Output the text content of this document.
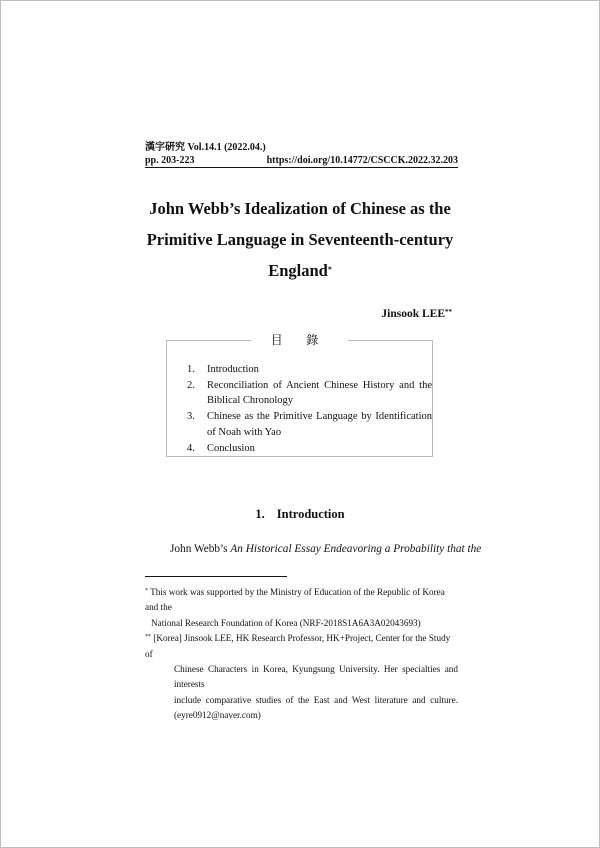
漢字硏究 Vol.14.1 (2022.04.)
pp. 203-223	https://doi.org/10.14772/CSCCK.2022.32.203
John Webb’s Idealization of Chinese as the
Primitive Language in Seventeenth-century
England*
Jinsook LEE**
目 錄
1.	Introduction
2.	Reconciliation of Ancient Chinese History and the
Biblical Chronology
3.	Chinese as the Primitive Language by Identification
of Noah with Yao
4.	Conclusion
1. Introduction
John Webb’s An Historical Essay Endeavoring a Probability that the
* This work was supported by the Ministry of Education of the Republic of Korea and the
National Research Foundation of Korea (NRF-2018S1A6A3A02043693)
** [Korea] Jinsook LEE, HK Research Professor, HK+Project, Center for the Study of
Chinese Characters in Korea, Kyungsung University. Her specialties and interests
include comparative studies of the East and West literature and culture.
(eyre0912@naver.com)
